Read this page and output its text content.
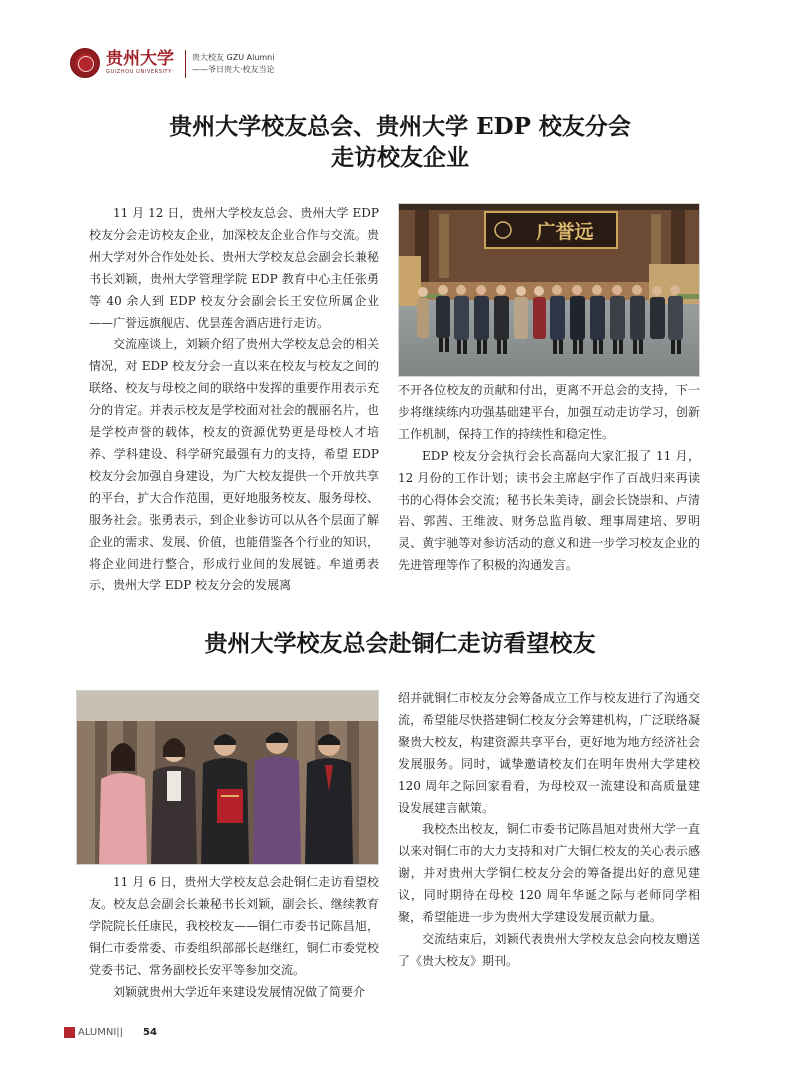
贵州大学
GUIZHOU UNIVERSITY
贵大校友 GZU Alumni
——爷日贵大·校友当论
贵州大学校友总会、贵州大学 EDP 校友分会
走访校友企业

11 月 12 日，贵州大学校友总会、贵州大学 EDP 校友分会走访校友企业，加深校友企业合作与交流。贵州大学对外合作处处长、贵州大学校友总会副会长兼秘书长刘颖，贵州大学管理学院 EDP 教育中心主任张勇等 40 余人到 EDP 校友分会副会长王安位所属企业——广誉远旗舰店、优昙莲舍酒店进行走访。

交流座谈上，刘颖介绍了贵州大学校友总会的相关情况，对 EDP 校友分会一直以来在校友与校友之间的联络、校友与母校之间的联络中发挥的重要作用表示充分的肯定。并表示校友是学校面对社会的靓丽名片，也是学校声誉的载体，校友的资源优势更是母校人才培养、学科建设、科学研究最强有力的支持，希望 EDP 校友分会加强自身建设，为广大校友提供一个开放共享的平台，扩大合作范围，更好地服务校友、服务母校、服务社会。张勇表示，到企业参访可以从各个层面了解企业的需求、发展、价值，也能借鉴各个行业的知识，将企业间进行整合，形成行业间的发展链。牟道勇表示，贵州大学 EDP 校友分会的发展离

广誉远

不开各位校友的贡献和付出，更离不开总会的支持，下一步将继续练内功强基础建平台，加强互动走访学习，创新工作机制，保持工作的持续性和稳定性。

EDP 校友分会执行会长高磊向大家汇报了 11 月，12 月份的工作计划；读书会主席赵宇作了百战归来再读书的心得体会交流；秘书长朱美诗，副会长饶崇和、卢清岩、郭茜、王维波、财务总监肖敏、理事周建培、罗明灵、黄宇驰等对参访活动的意义和进一步学习校友企业的先进管理等作了积极的沟通发言。

贵州大学校友总会赴铜仁走访看望校友

11 月 6 日，贵州大学校友总会赴铜仁走访看望校友。校友总会副会长兼秘书长刘颖，副会长、继续教育学院院长任康民，我校校友——铜仁市委书记陈昌旭，铜仁市委常委、市委组织部部长赵继红，铜仁市委党校党委书记、常务副校长安平等参加交流。

刘颖就贵州大学近年来建设发展情况做了简要介

绍并就铜仁市校友分会筹备成立工作与校友进行了沟通交流，希望能尽快搭建铜仁校友分会筹建机构，广泛联络凝聚贵大校友，构建资源共享平台，更好地为地方经济社会发展服务。同时，诚挚邀请校友们在明年贵州大学建校 120 周年之际回家看看，为母校双一流建设和高质量建设发展建言献策。

我校杰出校友，铜仁市委书记陈昌旭对贵州大学一直以来对铜仁市的大力支持和对广大铜仁校友的关心表示感谢，并对贵州大学铜仁校友分会的筹备提出好的意见建议，同时期待在母校 120 周年华诞之际与老师同学相聚，希望能进一步为贵州大学建设发展贡献力量。

交流结束后，刘颖代表贵州大学校友总会向校友赠送了《贵大校友》期刊。

ALUMNI|| 54
